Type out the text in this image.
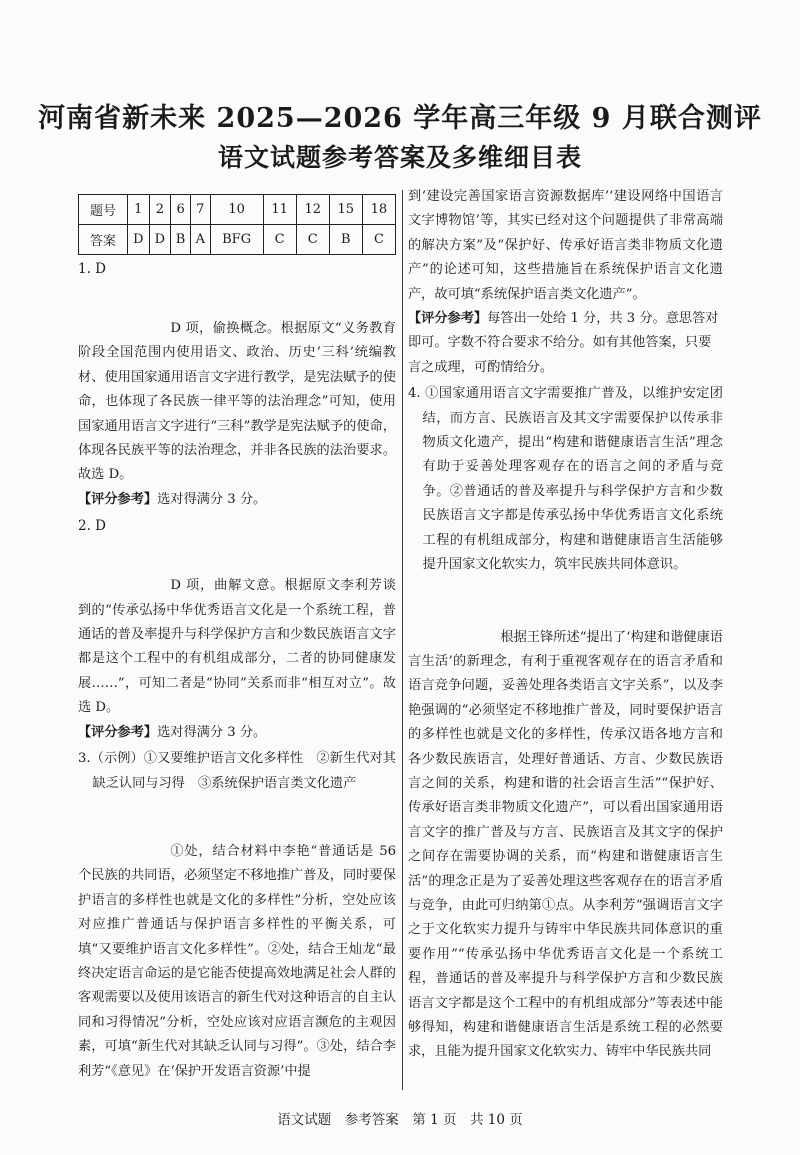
河南省新未来 2025—2026 学年高三年级 9 月联合测评
语文试题参考答案及多维细目表
题号	1	2	6	7	10	11	12	15	18
答案	D	D	B	A	BFG	C	C	B	C
1. D
D 项，偷换概念。根据原文“义务教育阶段全国范围内使用语文、政治、历史‘三科’统编教材、使用国家通用语言文字进行教学，是宪法赋予的使命，也体现了各民族一律平等的法治理念”可知，使用国家通用语言文字进行“三科”教学是宪法赋予的使命，体现各民族平等的法治理念，并非各民族的法治要求。故选 D。
【评分参考】选对得满分 3 分。
2. D
D 项，曲解文意。根据原文李利芳谈到的“传承弘扬中华优秀语言文化是一个系统工程，普通话的普及率提升与科学保护方言和少数民族语言文字都是这个工程中的有机组成部分，二者的协同健康发展……”，可知二者是“协同”关系而非“相互对立”。故选 D。
【评分参考】选对得满分 3 分。
3.（示例）①又要维护语言文化多样性　②新生代对其缺乏认同与习得　③系统保护语言类文化遗产
①处，结合材料中李艳“普通话是 56 个民族的共同语，必须坚定不移地推广普及，同时要保护语言的多样性也就是文化的多样性”分析，空处应该对应推广普通话与保护语言多样性的平衡关系，可填“又要维护语言文化多样性”。②处，结合王灿龙“最终决定语言命运的是它能否使提高效地满足社会人群的客观需要以及使用该语言的新生代对这种语言的自主认同和习得情况”分析，空处应该对应语言濒危的主观因素，可填“新生代对其缺乏认同与习得”。③处，结合李利芳“《意见》在‘保护开发语言资源’中提
到‘建设完善国家语言资源数据库’‘建设网络中国语言文字博物馆’等，其实已经对这个问题提供了非常高端的解决方案”及“保护好、传承好语言类非物质文化遗产”的论述可知，这些措施旨在系统保护语言文化遗产，故可填“系统保护语言类文化遗产”。
【评分参考】每答出一处给 1 分，共 3 分。意思答对即可。字数不符合要求不给分。如有其他答案，只要言之成理，可酌情给分。
4. ①国家通用语言文字需要推广普及，以维护安定团结，而方言、民族语言及其文字需要保护以传承非物质文化遗产，提出“构建和谐健康语言生活”理念有助于妥善处理客观存在的语言之间的矛盾与竞争。②普通话的普及率提升与科学保护方言和少数民族语言文字都是传承弘扬中华优秀语言文化系统工程的有机组成部分，构建和谐健康语言生活能够提升国家文化软实力，筑牢民族共同体意识。
根据王锋所述“提出了‘构建和谐健康语言生活’的新理念，有利于重视客观存在的语言矛盾和语言竞争问题，妥善处理各类语言文字关系”，以及李艳强调的“必须坚定不移地推广普及，同时要保护语言的多样性也就是文化的多样性，传承汉语各地方言和各少数民族语言，处理好普通话、方言、少数民族语言之间的关系，构建和谐的社会语言生活”“保护好、传承好语言类非物质文化遗产”，可以看出国家通用语言文字的推广普及与方言、民族语言及其文字的保护之间存在需要协调的关系，而“构建和谐健康语言生活”的理念正是为了妥善处理这些客观存在的语言矛盾与竞争，由此可归纳第①点。从李利芳“强调语言文字之于文化软实力提升与铸牢中华民族共同体意识的重要作用”“传承弘扬中华优秀语言文化是一个系统工程，普通话的普及率提升与科学保护方言和少数民族语言文字都是这个工程中的有机组成部分”等表述中能够得知，构建和谐健康语言生活是系统工程的必然要求，且能为提升国家文化软实力、铸牢中华民族共同
语文试题　参考答案　第 1 页　共 10 页
